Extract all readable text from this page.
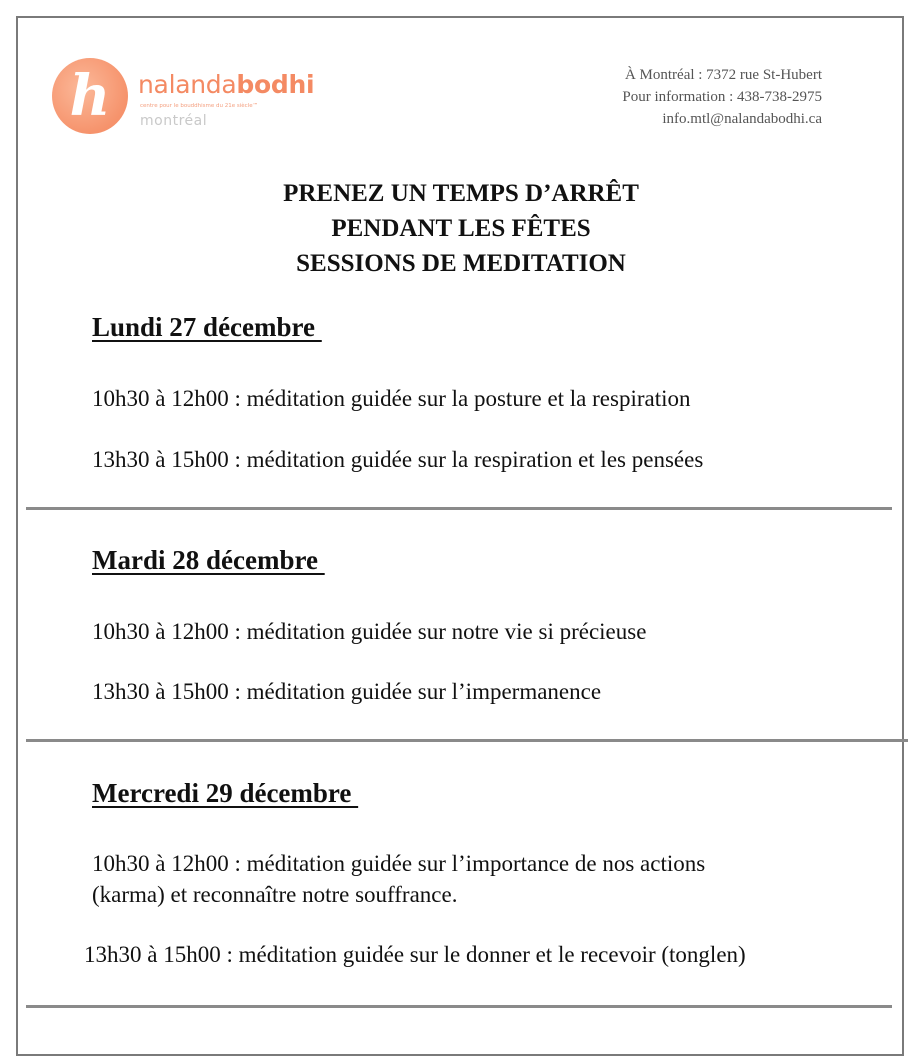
h	nalandabodhi
centre pour le bouddhisme du 21e siècle™
montréal
À Montréal : 7372 rue St-Hubert
Pour information : 438-738-2975
info.mtl@nalandabodhi.ca
PRENEZ UN TEMPS D’ARRÊT
PENDANT LES FÊTES
SESSIONS DE MEDITATION
Lundi 27 décembre
10h30 à 12h00 : méditation guidée sur la posture et la respiration
13h30 à 15h00 : méditation guidée sur la respiration et les pensées
Mardi 28 décembre
10h30 à 12h00 : méditation guidée sur notre vie si précieuse
13h30 à 15h00 : méditation guidée sur l’impermanence
Mercredi 29 décembre
10h30 à 12h00 : méditation guidée sur l’importance de nos actions
(karma) et reconnaître notre souffrance.
13h30 à 15h00 : méditation guidée sur le donner et le recevoir (tonglen)
